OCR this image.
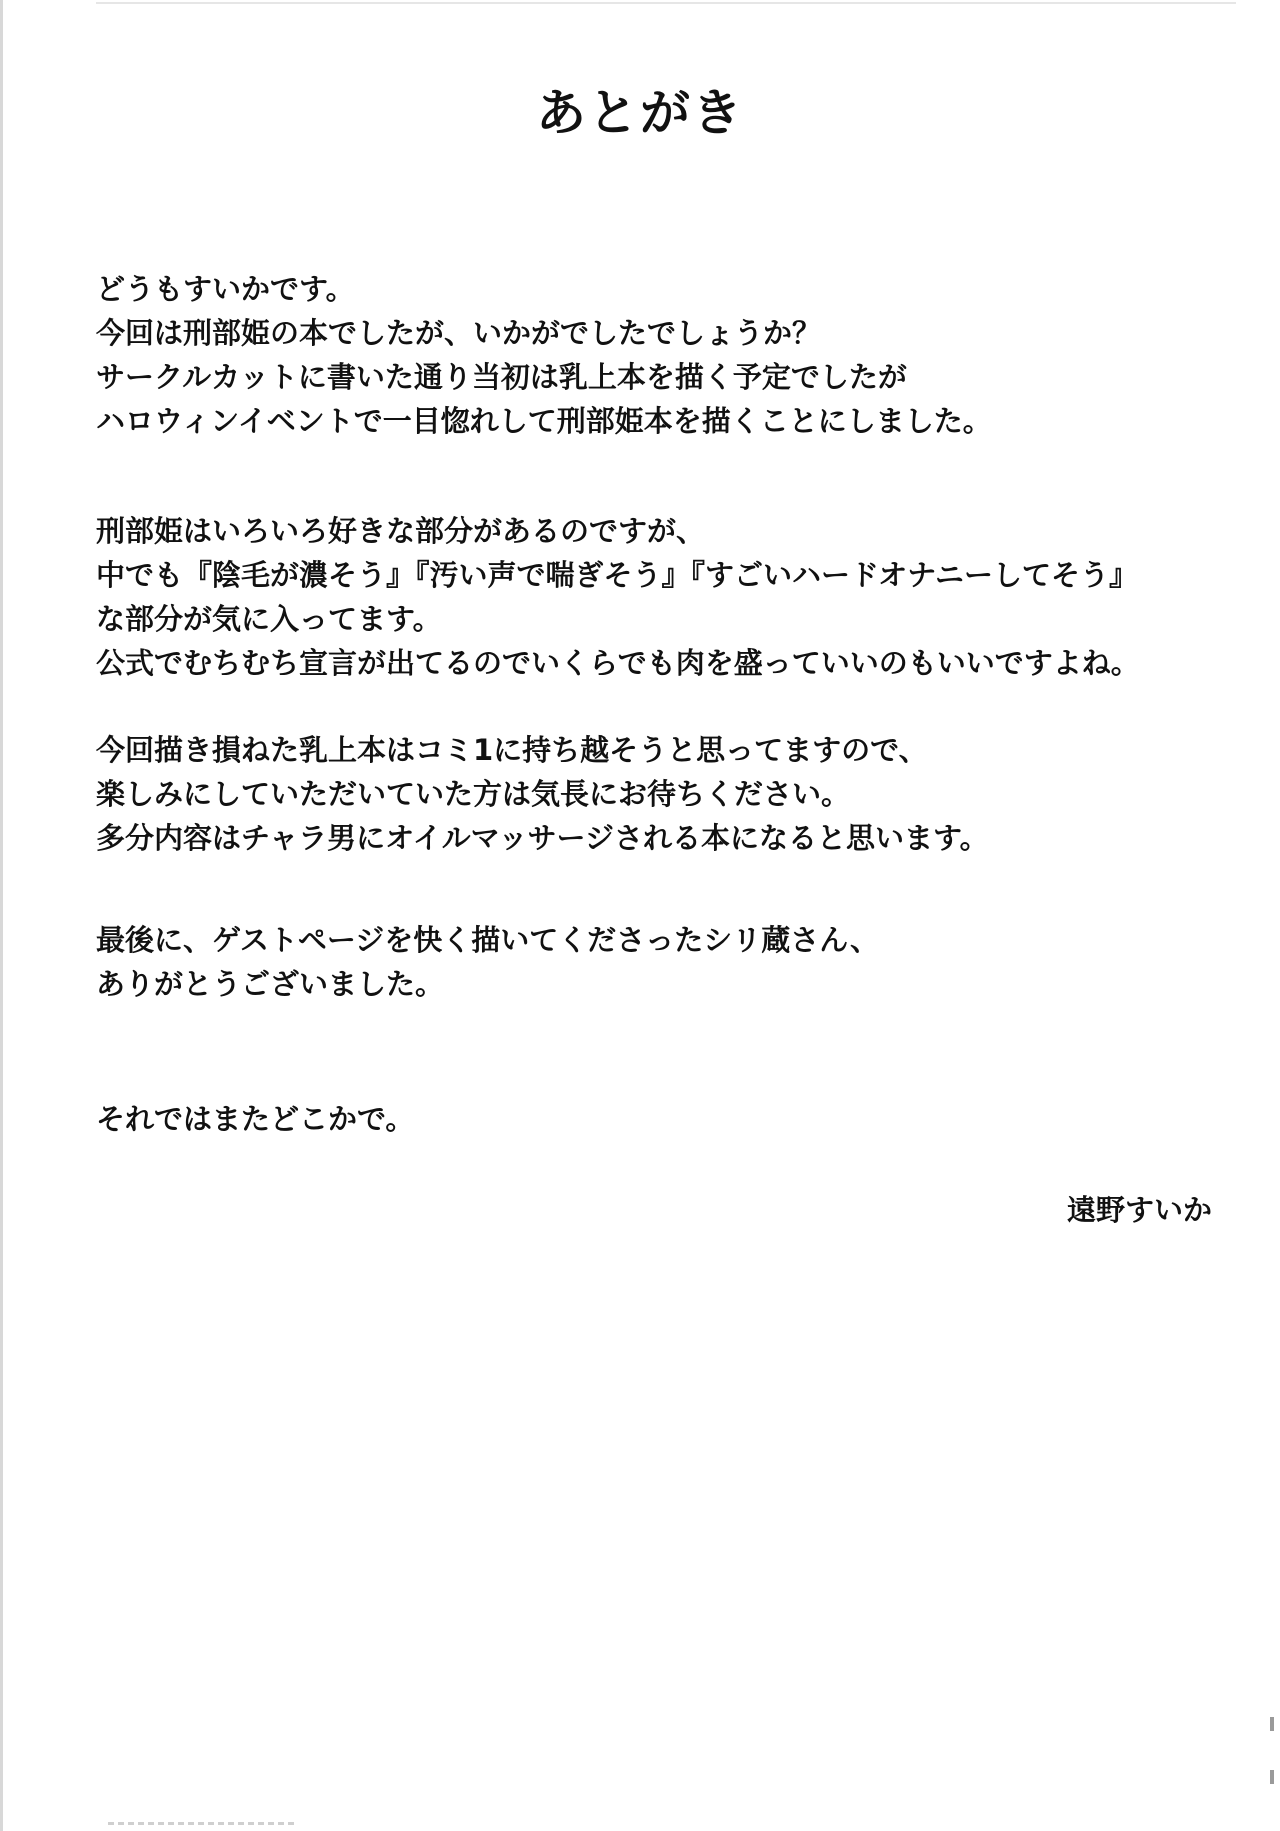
あとがき
どうもすいかです。
今回は刑部姫の本でしたが、いかがでしたでしょうか？
サークルカットに書いた通り当初は乳上本を描く予定でしたが
ハロウィンイベントで一目惚れして刑部姫本を描くことにしました。
刑部姫はいろいろ好きな部分があるのですが、
中でも『陰毛が濃そう』『汚い声で喘ぎそう』『すごいハードオナニーしてそう』
な部分が気に入ってます。
公式でむちむち宣言が出てるのでいくらでも肉を盛っていいのもいいですよね。
今回描き損ねた乳上本はコミ1に持ち越そうと思ってますので、
楽しみにしていただいていた方は気長にお待ちください。
多分内容はチャラ男にオイルマッサージされる本になると思います。
最後に、ゲストページを快く描いてくださったシリ蔵さん、
ありがとうございました。
それではまたどこかで。
遠野すいか
